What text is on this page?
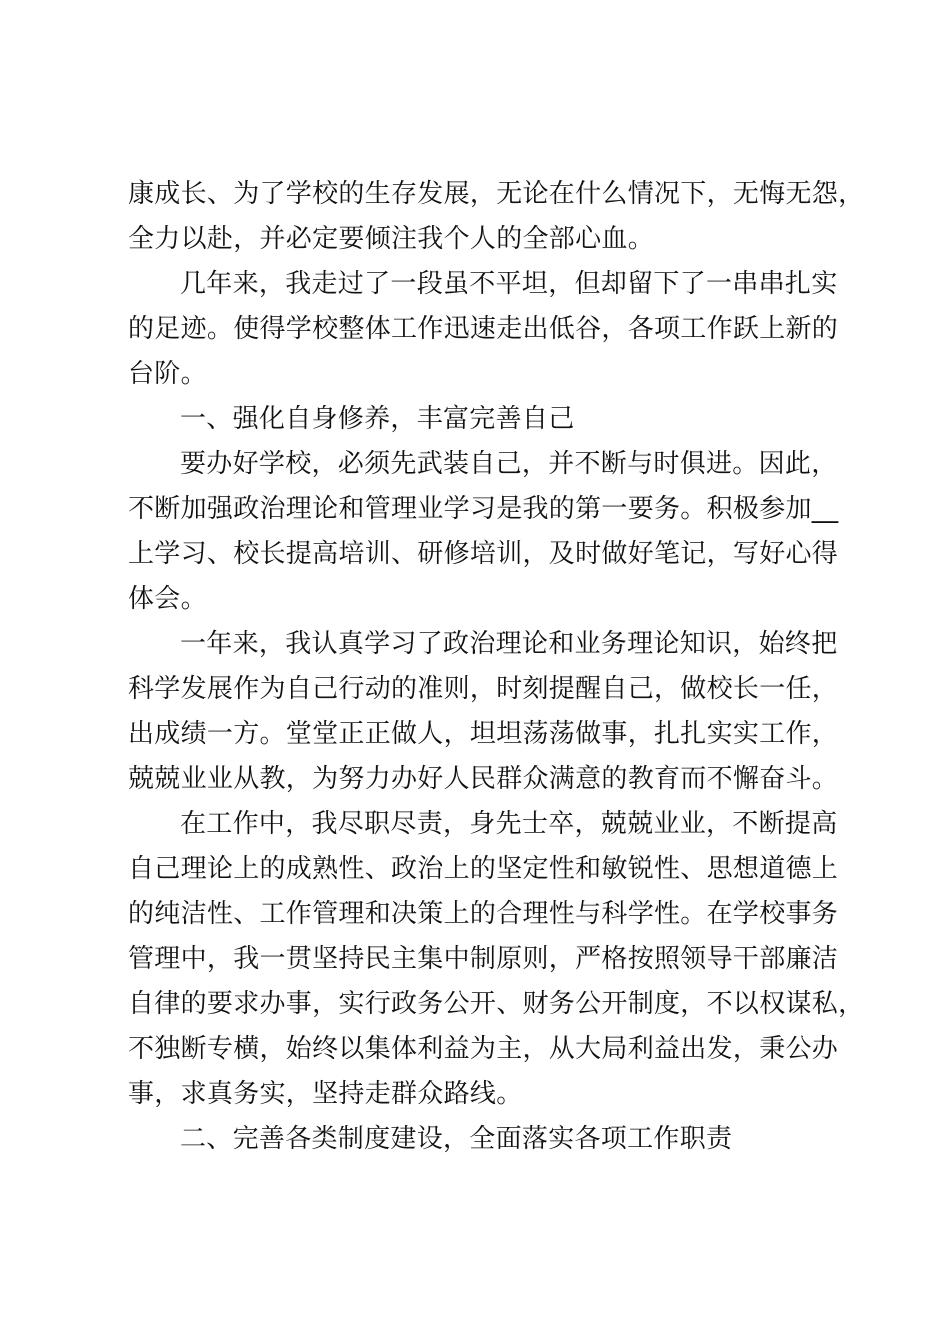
康成长、为了学校的生存发展，无论在什么情况下，无悔无怨，
全力以赴，并必定要倾注我个人的全部心血。
几年来，我走过了一段虽不平坦，但却留下了一串串扎实
的足迹。使得学校整体工作迅速走出低谷，各项工作跃上新的
台阶。
一、强化自身修养，丰富完善自己
要办好学校，必须先武装自己，并不断与时俱进。因此，
不断加强政治理论和管理业学习是我的第一要务。积极参加__
上学习、校长提高培训、研修培训，及时做好笔记，写好心得
体会。
一年来，我认真学习了政治理论和业务理论知识，始终把
科学发展作为自己行动的准则，时刻提醒自己，做校长一任，
出成绩一方。堂堂正正做人，坦坦荡荡做事，扎扎实实工作，
兢兢业业从教，为努力办好人民群众满意的教育而不懈奋斗。
在工作中，我尽职尽责，身先士卒，兢兢业业，不断提高
自己理论上的成熟性、政治上的坚定性和敏锐性、思想道德上
的纯洁性、工作管理和决策上的合理性与科学性。在学校事务
管理中，我一贯坚持民主集中制原则，严格按照领导干部廉洁
自律的要求办事，实行政务公开、财务公开制度，不以权谋私，
不独断专横，始终以集体利益为主，从大局利益出发，秉公办
事，求真务实，坚持走群众路线。
二、完善各类制度建设，全面落实各项工作职责
